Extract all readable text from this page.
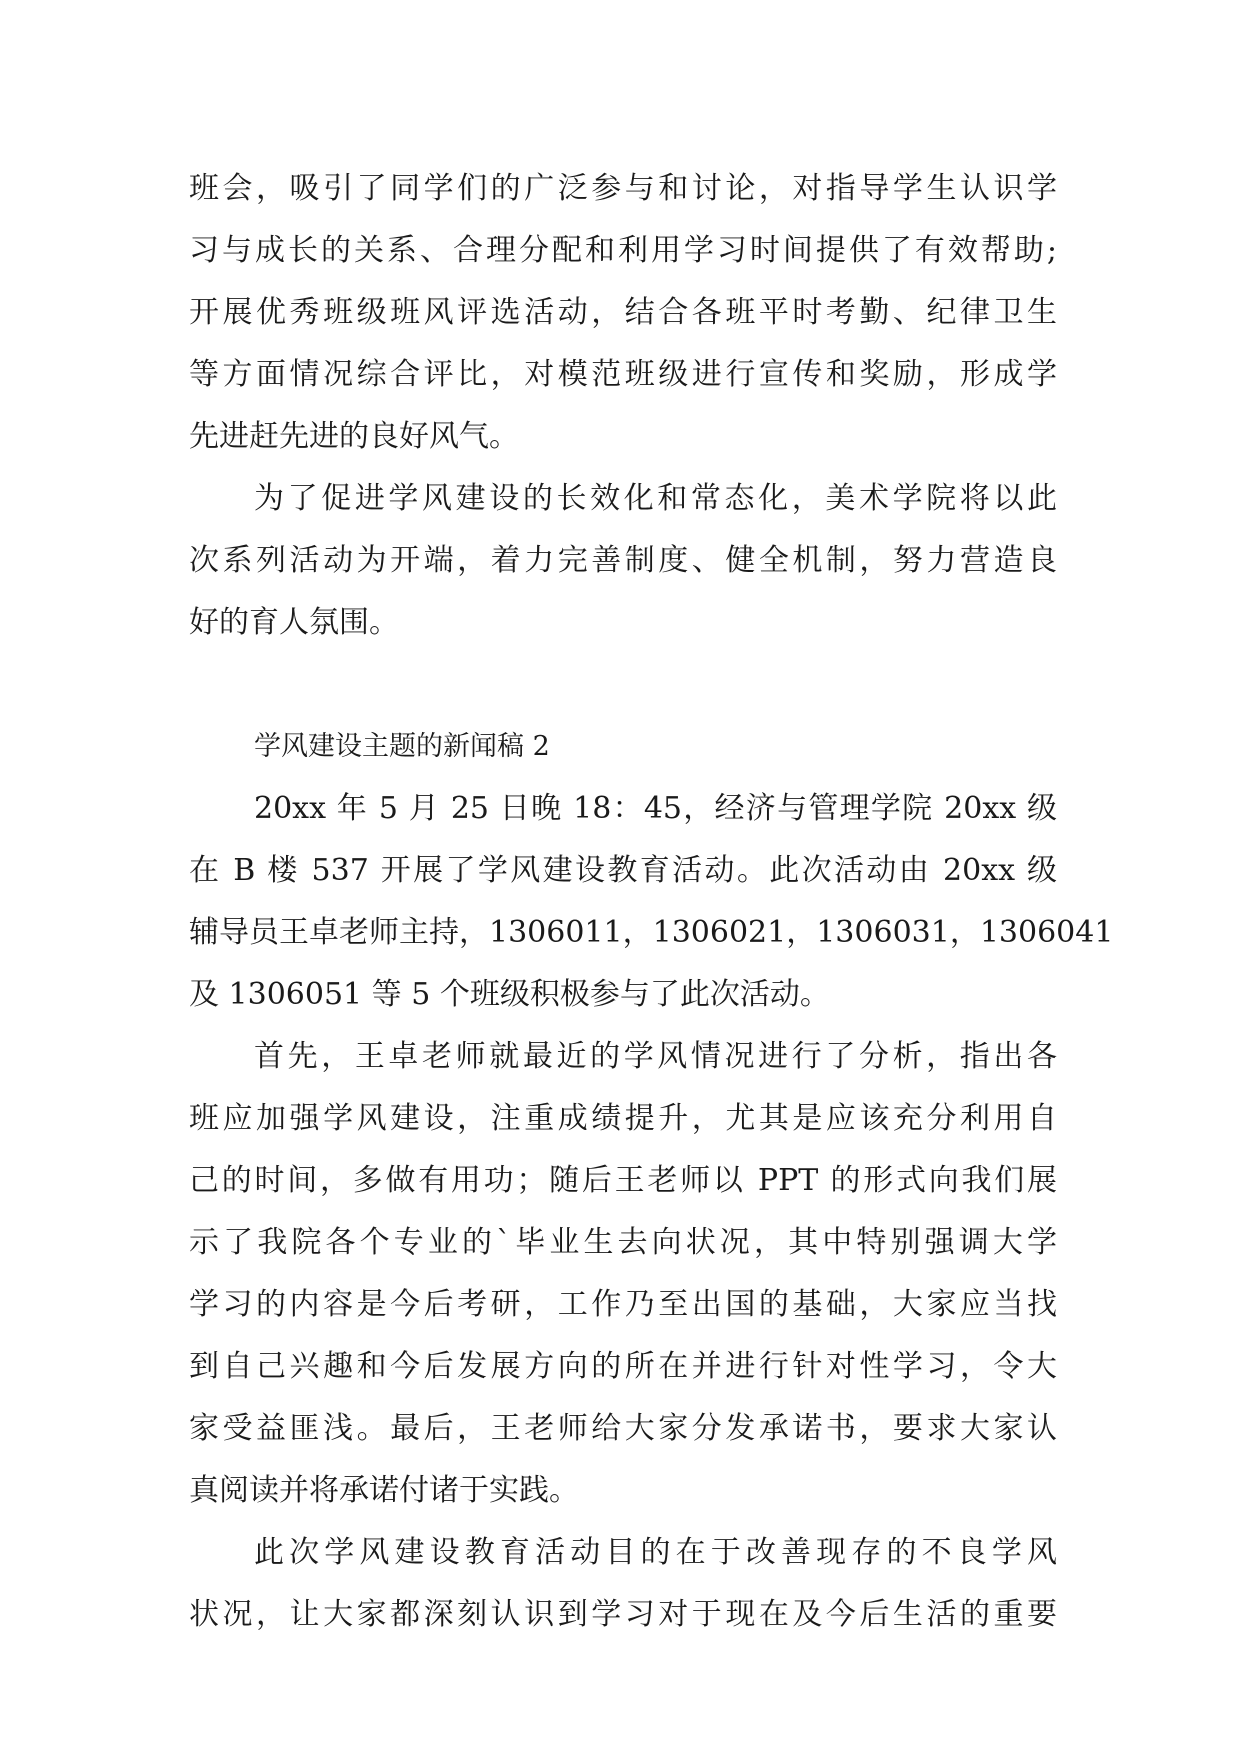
班会，吸引了同学们的广泛参与和讨论，对指导学生认识学
习与成长的关系、合理分配和利用学习时间提供了有效帮助;
开展优秀班级班风评选活动，结合各班平时考勤、纪律卫生
等方面情况综合评比，对模范班级进行宣传和奖励，形成学
先进赶先进的良好风气。
为了促进学风建设的长效化和常态化，美术学院将以此
次系列活动为开端，着力完善制度、健全机制，努力营造良
好的育人氛围。
学风建设主题的新闻稿 2
20xx 年 5 月 25 日晚 18：45，经济与管理学院 20xx 级
在 B 楼 537 开展了学风建设教育活动。此次活动由 20xx 级
辅导员王卓老师主持，1306011，1306021，1306031，1306041
及 1306051 等 5 个班级积极参与了此次活动。
首先，王卓老师就最近的学风情况进行了分析，指出各
班应加强学风建设，注重成绩提升，尤其是应该充分利用自
己的时间，多做有用功；随后王老师以 PPT 的形式向我们展
示了我院各个专业的`毕业生去向状况，其中特别强调大学
学习的内容是今后考研，工作乃至出国的基础，大家应当找
到自己兴趣和今后发展方向的所在并进行针对性学习，令大
家受益匪浅。最后，王老师给大家分发承诺书，要求大家认
真阅读并将承诺付诸于实践。
此次学风建设教育活动目的在于改善现存的不良学风
状况，让大家都深刻认识到学习对于现在及今后生活的重要
